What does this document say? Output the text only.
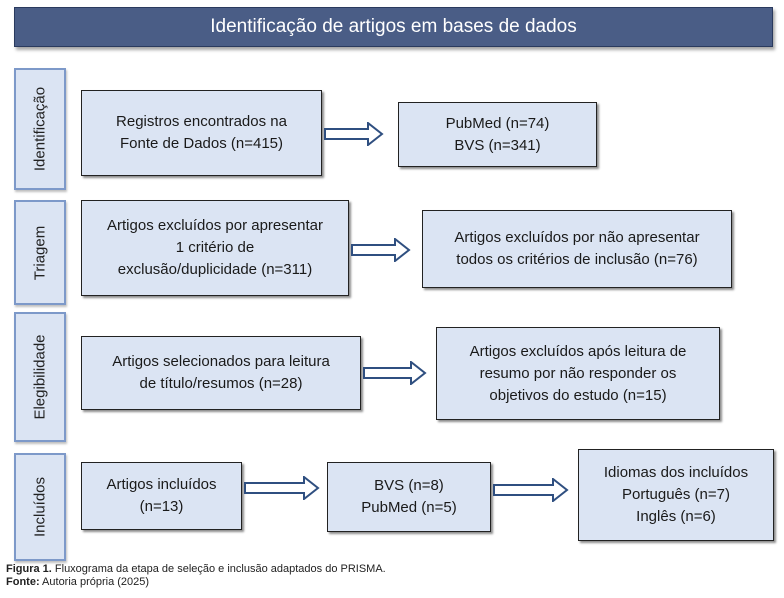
Identificação de artigos em bases de dados
Identificação
Triagem
Elegibilidade
Incluídos
Registros encontrados na
Fonte de Dados (n=415)
PubMed (n=74)
BVS (n=341)
Artigos excluídos por apresentar
1 critério de
exclusão/duplicidade (n=311)
Artigos excluídos por não apresentar
todos os critérios de inclusão (n=76)
Artigos selecionados para leitura
de título/resumos (n=28)
Artigos excluídos após leitura de
resumo por não responder os
objetivos do estudo (n=15)
Artigos incluídos
(n=13)
BVS (n=8)
PubMed (n=5)
Idiomas dos incluídos
Português (n=7)
Inglês (n=6)
Figura 1. Fluxograma da etapa de seleção e inclusão adaptados do PRISMA.
Fonte: Autoria própria (2025)
